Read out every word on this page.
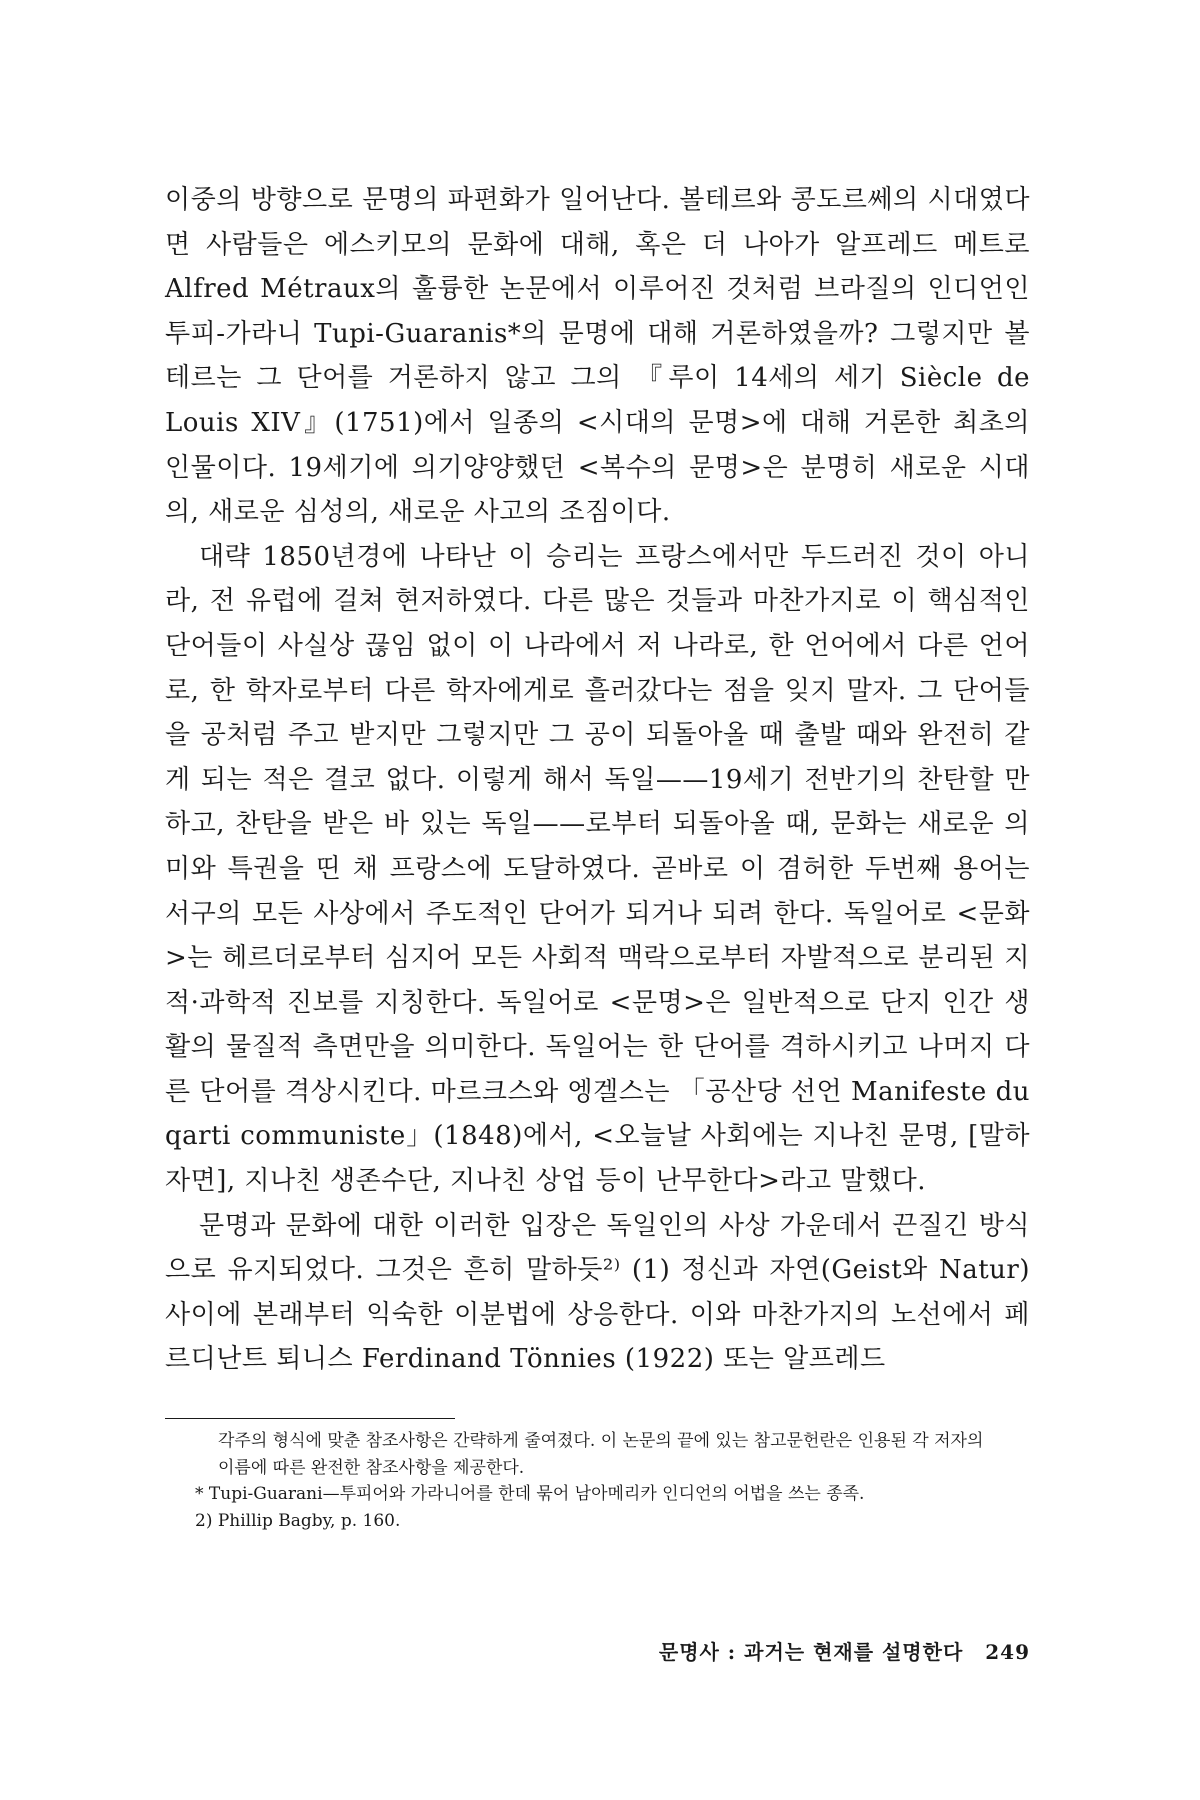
이중의 방향으로 문명의 파편화가 일어난다. 볼테르와 콩도르쎄의 시대였다면 사람들은 에스키모의 문화에 대해, 혹은 더 나아가 알프레드 메트로 Alfred Métraux의 훌륭한 논문에서 이루어진 것처럼 브라질의 인디언인 투피-가라니 Tupi-Guaranis*의 문명에 대해 거론하였을까? 그렇지만 볼테르는 그 단어를 거론하지 않고 그의 『루이 14세의 세기 Siècle de Louis XIV』(1751)에서 일종의 <시대의 문명>에 대해 거론한 최초의 인물이다. 19세기에 의기양양했던 <복수의 문명>은 분명히 새로운 시대의, 새로운 심성의, 새로운 사고의 조짐이다.

대략 1850년경에 나타난 이 승리는 프랑스에서만 두드러진 것이 아니라, 전 유럽에 걸쳐 현저하였다. 다른 많은 것들과 마찬가지로 이 핵심적인 단어들이 사실상 끊임 없이 이 나라에서 저 나라로, 한 언어에서 다른 언어로, 한 학자로부터 다른 학자에게로 흘러갔다는 점을 잊지 말자. 그 단어들을 공처럼 주고 받지만 그렇지만 그 공이 되돌아올 때 출발 때와 완전히 같게 되는 적은 결코 없다. 이렇게 해서 독일——19세기 전반기의 찬탄할 만하고, 찬탄을 받은 바 있는 독일——로부터 되돌아올 때, 문화는 새로운 의미와 특권을 띤 채 프랑스에 도달하였다. 곧바로 이 겸허한 두번째 용어는 서구의 모든 사상에서 주도적인 단어가 되거나 되려 한다. 독일어로 <문화>는 헤르더로부터 심지어 모든 사회적 맥락으로부터 자발적으로 분리된 지적·과학적 진보를 지칭한다. 독일어로 <문명>은 일반적으로 단지 인간 생활의 물질적 측면만을 의미한다. 독일어는 한 단어를 격하시키고 나머지 다른 단어를 격상시킨다. 마르크스와 엥겔스는 「공산당 선언 Manifeste du qarti communiste」(1848)에서, <오늘날 사회에는 지나친 문명, [말하자면], 지나친 생존수단, 지나친 상업 등이 난무한다>라고 말했다.

문명과 문화에 대한 이러한 입장은 독일인의 사상 가운데서 끈질긴 방식으로 유지되었다. 그것은 흔히 말하듯²⁾ (1) 정신과 자연(Geist와 Natur) 사이에 본래부터 익숙한 이분법에 상응한다. 이와 마찬가지의 노선에서 페르디난트 퇴니스 Ferdinand Tönnies (1922) 또는 알프레드

각주의 형식에 맞춘 참조사항은 간략하게 줄여졌다. 이 논문의 끝에 있는 참고문헌란은 인용된 각 저자의 이름에 따른 완전한 참조사항을 제공한다.

* Tupi-Guarani—투피어와 가라니어를 한데 묶어 남아메리카 인디언의 어법을 쓰는 종족.

2) Phillip Bagby, p. 160.

문명사 : 과거는 현재를 설명한다 249
